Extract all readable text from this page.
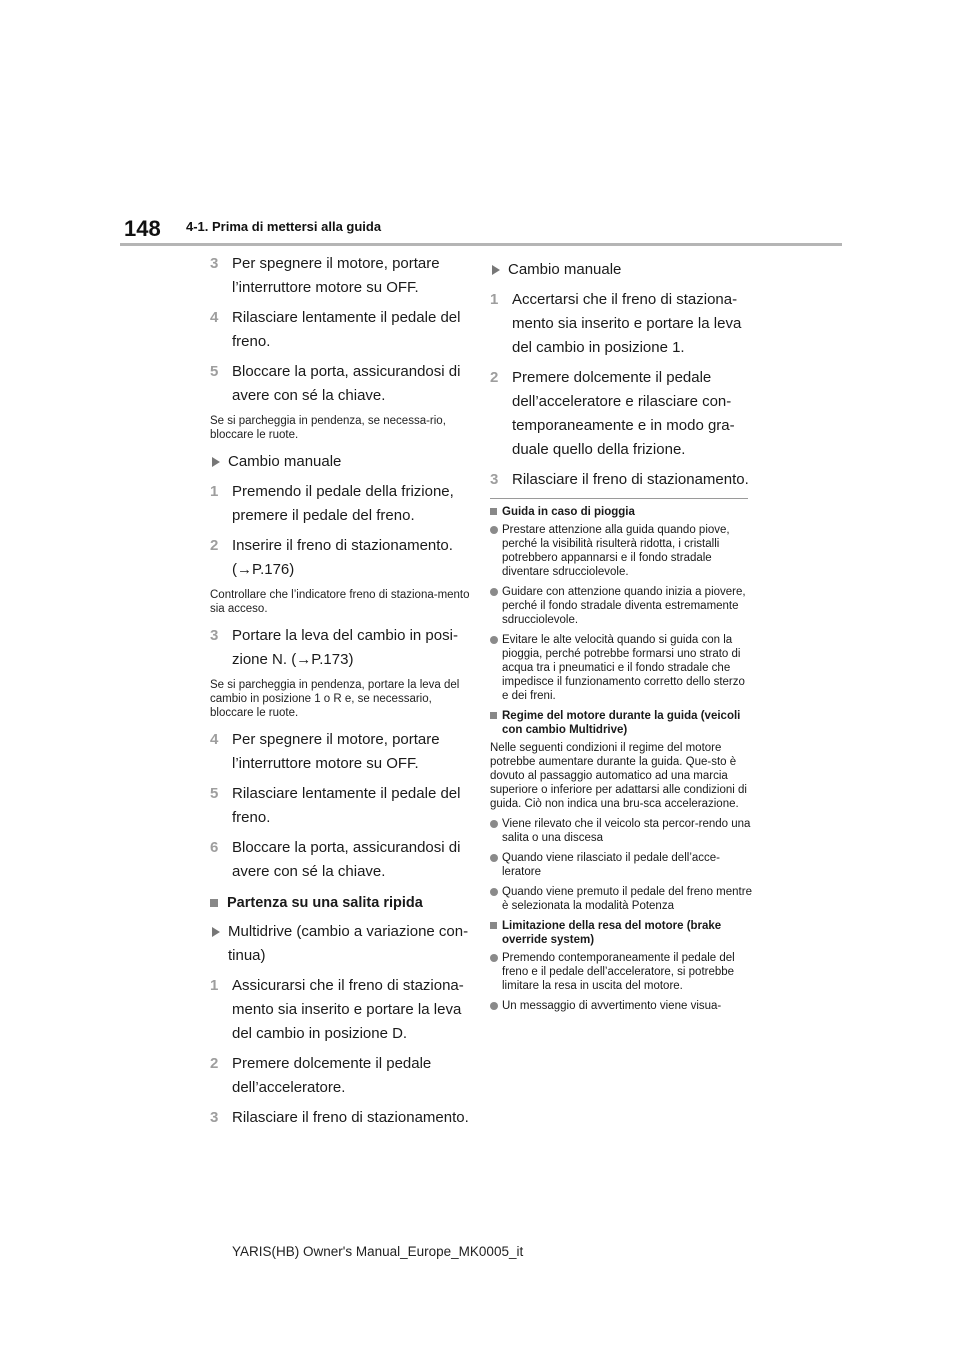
148 4-1. Prima di mettersi alla guida
3 Per spegnere il motore, portare l’interruttore motore su OFF.
4 Rilasciare lentamente il pedale del freno.
5 Bloccare la porta, assicurandosi di avere con sé la chiave.
Se si parcheggia in pendenza, se necessa-rio, bloccare le ruote.
Cambio manuale
1 Premendo il pedale della frizione, premere il pedale del freno.
2 Inserire il freno di stazionamento. (→P.176)
Controllare che l’indicatore freno di staziona-mento sia acceso.
3 Portare la leva del cambio in posi-zione N. (→P.173)
Se si parcheggia in pendenza, portare la leva del cambio in posizione 1 o R e, se necessario, bloccare le ruote.
4 Per spegnere il motore, portare l’interruttore motore su OFF.
5 Rilasciare lentamente il pedale del freno.
6 Bloccare la porta, assicurandosi di avere con sé la chiave.
Partenza su una salita ripida
Multidrive (cambio a variazione con-tinua)
1 Assicurarsi che il freno di staziona-mento sia inserito e portare la leva del cambio in posizione D.
2 Premere dolcemente il pedale dell’acceleratore.
3 Rilasciare il freno di stazionamento.
Cambio manuale
1 Accertarsi che il freno di staziona-mento sia inserito e portare la leva del cambio in posizione 1.
2 Premere dolcemente il pedale dell’acceleratore e rilasciare con-temporaneamente e in modo gra-duale quello della frizione.
3 Rilasciare il freno di stazionamento.
Guida in caso di pioggia
Prestare attenzione alla guida quando piove, perché la visibilità risulterà ridotta, i cristalli potrebbero appannarsi e il fondo stradale diventare sdrucciolevole.
Guidare con attenzione quando inizia a piovere, perché il fondo stradale diventa estremamente sdrucciolevole.
Evitare le alte velocità quando si guida con la pioggia, perché potrebbe formarsi uno strato di acqua tra i pneumatici e il fondo stradale che impedisce il funzionamento corretto dello sterzo e dei freni.
Regime del motore durante la guida (veicoli con cambio Multidrive)
Nelle seguenti condizioni il regime del motore potrebbe aumentare durante la guida. Que-sto è dovuto al passaggio automatico ad una marcia superiore o inferiore per adattarsi alle condizioni di guida. Ciò non indica una bru-sca accelerazione.
Viene rilevato che il veicolo sta percor-rendo una salita o una discesa
Quando viene rilasciato il pedale dell’acce-leratore
Quando viene premuto il pedale del freno mentre è selezionata la modalità Potenza
Limitazione della resa del motore (brake override system)
Premendo contemporaneamente il pedale del freno e il pedale dell’acceleratore, si potrebbe limitare la resa in uscita del motore.
Un messaggio di avvertimento viene visua-
YARIS(HB) Owner's Manual_Europe_MK0005_it
